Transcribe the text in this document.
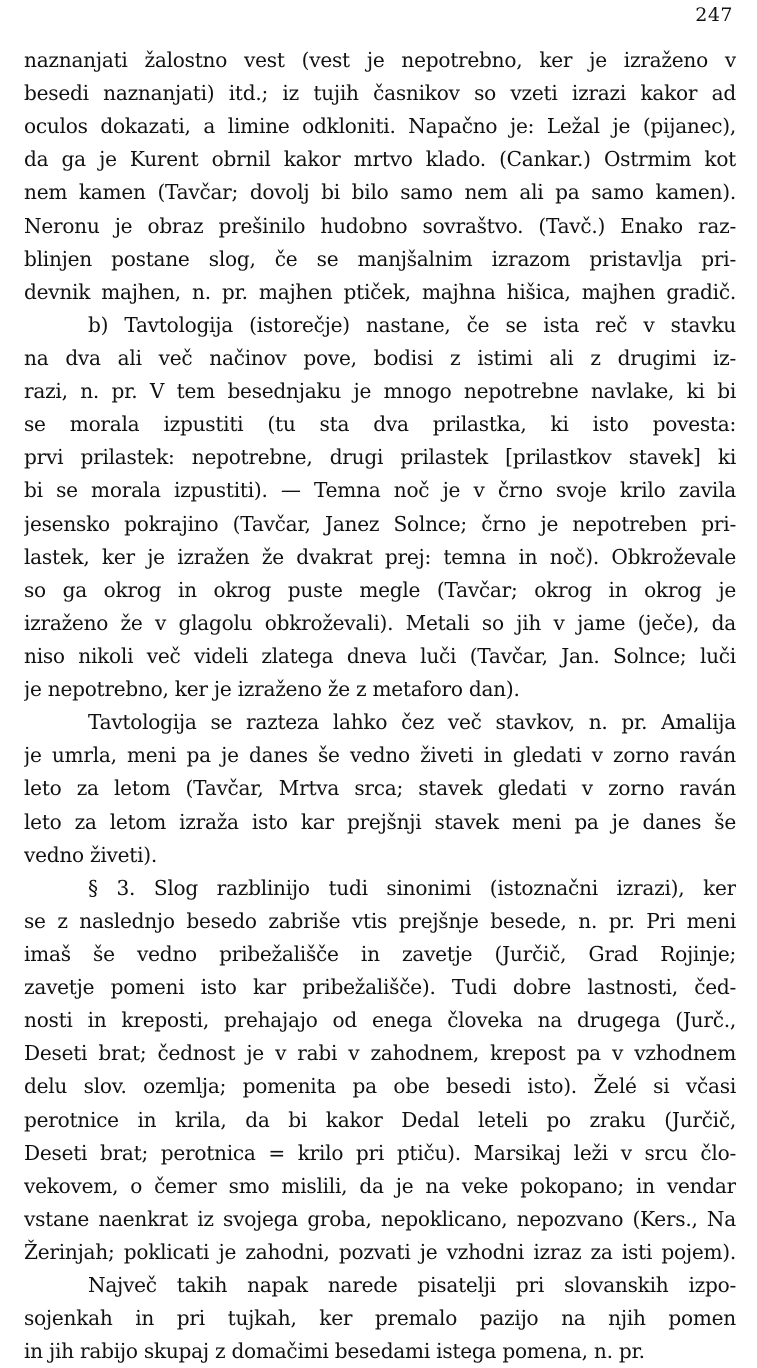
247
naznanjati žalostno vest (vest je nepotrebno, ker je izraženo v
besedi naznanjati) itd.; iz tujih časnikov so vzeti izrazi kakor ad
oculos dokazati, a limine odkloniti. Napačno je: Ležal je (pijanec),
da ga je Kurent obrnil kakor mrtvo klado. (Cankar.) Ostrmim kot
nem kamen (Tavčar; dovolj bi bilo samo nem ali pa samo kamen).
Neronu je obraz prešinilo hudobno sovraštvo. (Tavč.) Enako raz-
blinjen postane slog, če se manjšalnim izrazom pristavlja pri-
devnik majhen, n. pr. majhen ptiček, majhna hišica, majhen gradič.
b) Tavtologija (istorečje) nastane, če se ista reč v stavku
na dva ali več načinov pove, bodisi z istimi ali z drugimi iz-
razi, n. pr. V tem besednjaku je mnogo nepotrebne navlake, ki bi
se morala izpustiti (tu sta dva prilastka, ki isto povesta:
prvi prilastek: nepotrebne, drugi prilastek [prilastkov stavek] ki
bi se morala izpustiti). — Temna noč je v črno svoje krilo zavila
jesensko pokrajino (Tavčar, Janez Solnce; črno je nepotreben pri-
lastek, ker je izražen že dvakrat prej: temna in noč). Obkroževale
so ga okrog in okrog puste megle (Tavčar; okrog in okrog je
izraženo že v glagolu obkroževali). Metali so jih v jame (ječe), da
niso nikoli več videli zlatega dneva luči (Tavčar, Jan. Solnce; luči
je nepotrebno, ker je izraženo že z metaforo dan).
Tavtologija se razteza lahko čez več stavkov, n. pr. Amalija
je umrla, meni pa je danes še vedno živeti in gledati v zorno raván
leto za letom (Tavčar, Mrtva srca; stavek gledati v zorno raván
leto za letom izraža isto kar prejšnji stavek meni pa je danes še
vedno živeti).
§ 3. Slog razblinijo tudi sinonimi (istoznačni izrazi), ker
se z naslednjo besedo zabriše vtis prejšnje besede, n. pr. Pri meni
imaš še vedno pribežališče in zavetje (Jurčič, Grad Rojinje;
zavetje pomeni isto kar pribežališče). Tudi dobre lastnosti, čed-
nosti in kreposti, prehajajo od enega človeka na drugega (Jurč.,
Deseti brat; čednost je v rabi v zahodnem, krepost pa v vzhodnem
delu slov. ozemlja; pomenita pa obe besedi isto). Želé si včasi
perotnice in krila, da bi kakor Dedal leteli po zraku (Jurčič,
Deseti brat; perotnica = krilo pri ptiču). Marsikaj leži v srcu člo-
vekovem, o čemer smo mislili, da je na veke pokopano; in vendar
vstane naenkrat iz svojega groba, nepoklicano, nepozvano (Kers., Na
Žerinjah; poklicati je zahodni, pozvati je vzhodni izraz za isti pojem).
Največ takih napak narede pisatelji pri slovanskih izpo-
sojenkah in pri tujkah, ker premalo pazijo na njih pomen
in jih rabijo skupaj z domačimi besedami istega pomena, n. pr.
